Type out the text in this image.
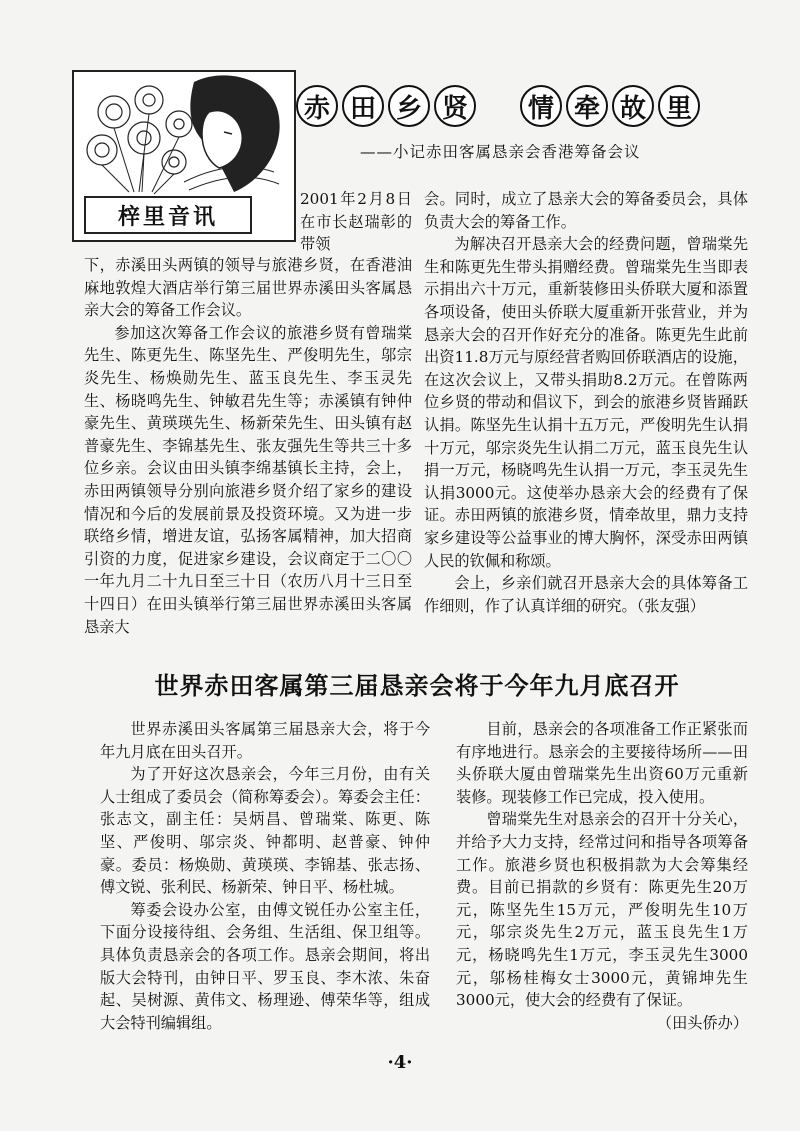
梓里音讯
赤 田 乡 贤	情 牵 故 里
——小记赤田客属恳亲会香港筹备会议

2001年2月8日在市长赵瑞彰的带领

下，赤溪田头两镇的领导与旅港乡贤，在香港油麻地敦煌大酒店举行第三届世界赤溪田头客属恳亲大会的筹备工作会议。

参加这次筹备工作会议的旅港乡贤有曾瑞棠先生、陈更先生、陈坚先生、严俊明先生，邬宗炎先生、杨焕勋先生、蓝玉良先生、李玉灵先生、杨晓鸣先生、钟敏君先生等；赤溪镇有钟仲豪先生、黄瑛瑛先生、杨新荣先生、田头镇有赵普豪先生、李锦基先生、张友强先生等共三十多位乡亲。会议由田头镇李绵基镇长主持，会上，赤田两镇领导分别向旅港乡贤介绍了家乡的建设情况和今后的发展前景及投资环境。又为进一步联络乡情，增进友谊，弘扬客属精神，加大招商引资的力度，促进家乡建设，会议商定于二〇〇一年九月二十九日至三十日（农历八月十三日至十四日）在田头镇举行第三届世界赤溪田头客属恳亲大

会。同时，成立了恳亲大会的筹备委员会，具体负责大会的筹备工作。

为解决召开恳亲大会的经费问题，曾瑞棠先生和陈更先生带头捐赠经费。曾瑞棠先生当即表示捐出六十万元，重新装修田头侨联大厦和添置各项设备，使田头侨联大厦重新开张营业，并为恳亲大会的召开作好充分的准备。陈更先生此前出资11.8万元与原经营者购回侨联酒店的设施，在这次会议上，又带头捐助8.2万元。在曾陈两位乡贤的带动和倡议下，到会的旅港乡贤皆踊跃认捐。陈坚先生认捐十五万元，严俊明先生认捐十万元，邬宗炎先生认捐二万元，蓝玉良先生认捐一万元，杨晓鸣先生认捐一万元，李玉灵先生认捐3000元。这使举办恳亲大会的经费有了保证。赤田两镇的旅港乡贤，情牵故里，鼎力支持家乡建设等公益事业的博大胸怀，深受赤田两镇人民的钦佩和称颂。

会上，乡亲们就召开恳亲大会的具体筹备工作细则，作了认真详细的研究。（张友强）

世界赤田客属第三届恳亲会将于今年九月底召开

世界赤溪田头客属第三届恳亲大会，将于今年九月底在田头召开。

为了开好这次恳亲会，今年三月份，由有关人士组成了委员会（简称筹委会）。筹委会主任：张志文，副主任：吴炳昌、曾瑞棠、陈更、陈坚、严俊明、邬宗炎、钟都明、赵普豪、钟仲豪。委员：杨焕勋、黄瑛瑛、李锦基、张志扬、傅文锐、张利民、杨新荣、钟日平、杨杜城。

筹委会设办公室，由傅文锐任办公室主任，下面分设接待组、会务组、生活组、保卫组等。具体负责恳亲会的各项工作。恳亲会期间，将出版大会特刊，由钟日平、罗玉良、李木浓、朱奋起、吴树源、黄伟文、杨理逊、傅荣华等，组成大会特刊编辑组。

目前，恳亲会的各项准备工作正紧张而有序地进行。恳亲会的主要接待场所——田头侨联大厦由曾瑞棠先生出资60万元重新装修。现装修工作已完成，投入使用。

曾瑞棠先生对恳亲会的召开十分关心，并给予大力支持，经常过问和指导各项筹备工作。旅港乡贤也积极捐款为大会筹集经费。目前已捐款的乡贤有：陈更先生20万元，陈坚先生15万元，严俊明先生10万元，邬宗炎先生2万元，蓝玉良先生1万元，杨晓鸣先生1万元，李玉灵先生3000元，邬杨桂梅女士3000元，黄锦坤先生3000元，使大会的经费有了保证。

（田头侨办）

·4·
